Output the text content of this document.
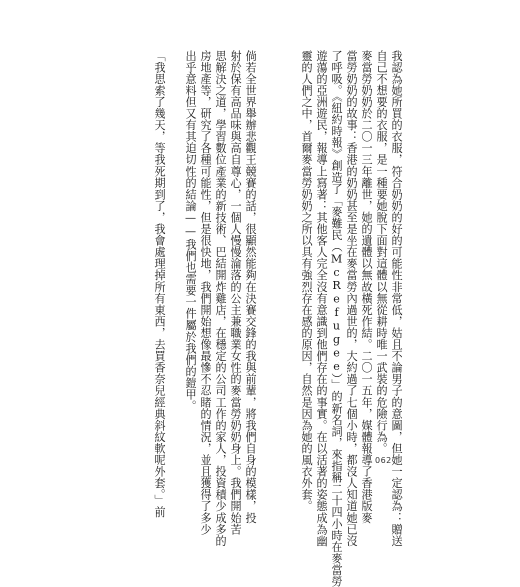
我認為她所買的衣服，符合奶奶的好的可能性非常低，姑且不論男子的意圖，但她一定認為：贈送
自己不想要的衣服，是一種要她脫下面對這體以無從耕時唯一武裝的危險行為。
麥當勞奶奶於二〇一三年離世，她的遺體以無故橫死作結。二〇一五年，媒體報導了香港版麥
當勞奶奶的故事：香港的奶奶甚至是坐在麥當勞內過世的，大約過了七個小時，都沒人知道她已沒
了呼吸。《紐約時報》創造了「麥難民（McRefugee）」的新名詞，來指稱二十四小時在麥當勞
遊蕩的亞洲遊民，報導上寫著：其他客人完全沒有意識到他們存在的事實。在以活著的姿態成為幽
靈的人們之中，首爾麥當勞奶奶之所以具有強烈存在感的原因，自然是因為她的風衣外套。
倘若全世界舉辦悲觀王競賽的話，很顯然能夠在決賽交鋒的我與前輩，將我們自身的模樣，投
射於保有高品味與高自尊心，一個人慢慢淪落的公主兼職業女性的麥當勞奶奶身上。我們開始苦
思解決之道，學習數位產業的新技術、巴結開炸雞店，在穩定的公司工作的家人，投資積少成多的
房地產等，研究了各種可能性，但是很快地，我們開始想像最慘不忍睹的情況，並且獲得了多少
出乎意料但又有其迫切性的結論——我們也需要一件屬於我們的鎧甲。
「我思索了幾天，等我死期到了，我會處理掉所有東西，去買香奈兒經典斜紋軟呢外套。」前	062
